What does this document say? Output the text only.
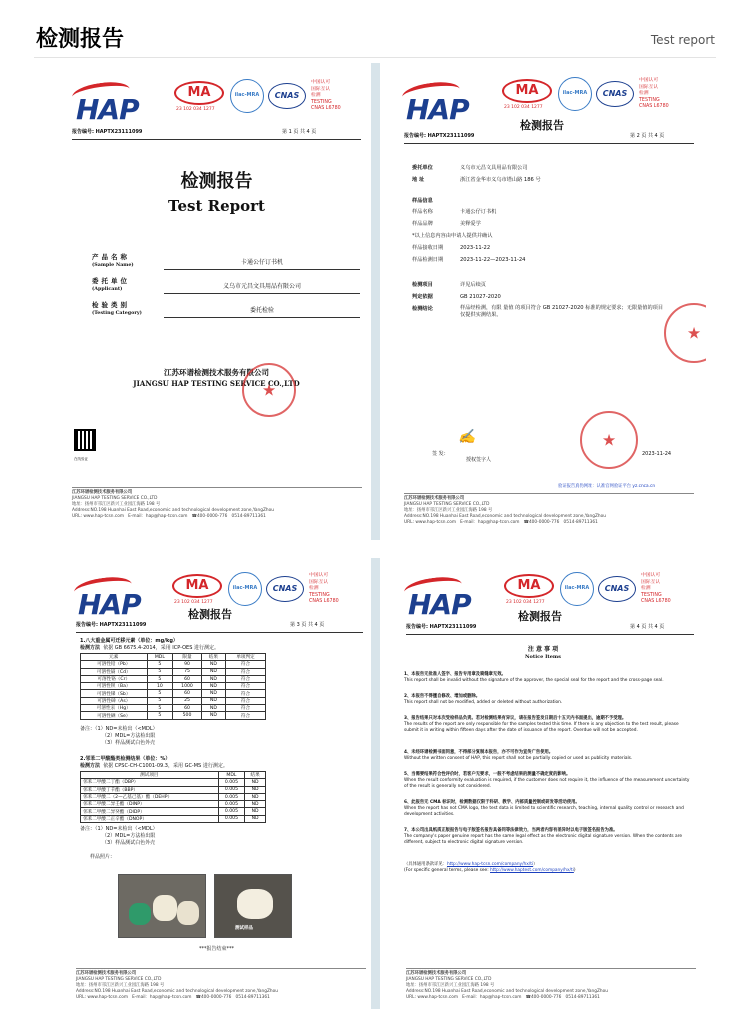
检测报告	Test report
HAP
MA
23 102 034 1277
ilac-MRA	CNAS
中国认可
国际互认
检测
TESTING
CNAS L6780
报告编号: HAPTX23111099	第 1 页 共 4 页
检测报告
Test Report
产品名称
(Sample Name)	卡通公仔订书机
委托单位
(Applicant)	义乌市元昌文具用品有限公司
检验类别
(Testing Category)	委托检验
江苏环谱检测技术服务有限公司
JIANGSU HAP TESTING SERVICE CO.,LTD
★
在线验证
江苏环谱检测技术服务有限公司
JIANGSU HAP TESTING SERVICE CO.,LTD
地址：扬州市邗江区新兴工业园江海路 198 号
Address:NO.198 Huanhai East Road,economic and technological development zone,YangZhou
URL: www.hap-tcsn.com E-mail：hap@hap-tcsn.com   ☎400-0000-776 0514-89711361
HAP	检测报告
MA
23 102 034 1277
ilac-MRA	CNAS
中国认可
国际互认
检测
TESTING
CNAS L6780
报告编号: HAPTX23111099	第 2 页 共 4 页
委托单位	义乌市元昌文具用品有限公司
地 址	浙江省金华市义乌市塔山路 186 号
样品信息
样品名称	卡通公仔订书机
样品品牌	美释爱学
*以上信息内容由申请人提供并确认
样品接收日期	2023-11-22
样品检测日期	2023-11-22—2023-11-24
检测项目	详见后续页
判定依据	GB 21027-2020
检测结论	样品经检测，有限 量值 的项目符合 GB 21027-2020 标准的规定要求；无限量值的项目仅提供实测结果。
★
签 发：
✍
授权签字人
2023-11-24
★
验证报告真伪网址：认准官网验证平台 yz.cnca.cn
江苏环谱检测技术服务有限公司
JIANGSU HAP TESTING SERVICE CO.,LTD
地址：扬州市邗江区新兴工业园江海路 198 号
Address:NO.198 Huanhai East Road,economic and technological development zone,YangZhou
URL: www.hap-tcsn.com E-mail：hap@hap-tcsn.com   ☎400-0000-776 0514-89711361
HAP	检测报告
MA
23 102 034 1277
ilac-MRA	CNAS
中国认可
国际互认
检测
TESTING
CNAS L6780
报告编号: HAPTX23111099	第 3 页 共 4 页
1.八大重金属可迁移元素（单位：mg/kg）
检测方法 依据 GB 6675.4-2014，采用 ICP-OES 进行测定。
元素	MDL	限量	结果	单项判定
可溶性铅（Pb）	5	90	ND	符合
可溶性镉（Cd）	5	75	ND	符合
可溶性铬（Cr）	5	60	ND	符合
可溶性钡（Ba）	10	1000	ND	符合
可溶性锑（Sb）	5	60	ND	符合
可溶性砷（As）	5	25	ND	符合
可溶性汞（Hg）	5	60	ND	符合
可溶性硒（Se）	5	500	ND	符合
备注：（1）ND=未检出（<MDL）
（2）MDL=方法检出限
（3）样品测试白色外壳
2.邻苯二甲酸酯类检测结果（单位：%）
检测方法 依据 CPSC-CH-C1001-09.3，采用 GC-MS 进行测定。
测试项目	MDL	结果
邻苯二甲酸二丁酯（DBP）	0.005	ND
邻苯二甲酸丁苄酯（BBP）	0.005	ND
邻苯二甲酸二（2—乙基己基）酯（DEHP）	0.005	ND
邻苯二甲酸二异壬酯（DINP）	0.005	ND
邻苯二甲酸二异癸酯（DIDP）	0.005	ND
邻苯二甲酸二正辛酯（DNOP）	0.005	ND
备注：（1）ND=未检出（<MDL）
（2）MDL=方法检出限
（3）样品测试白色外壳
样品照片：
测试样品
***报告结束***
江苏环谱检测技术服务有限公司
JIANGSU HAP TESTING SERVICE CO.,LTD
地址：扬州市邗江区新兴工业园江海路 198 号
Address:NO.198 Huanhai East Road,economic and technological development zone,YangZhou
URL: www.hap-tcsn.com E-mail：hap@hap-tcsn.com   ☎400-0000-776 0514-89711361
HAP	检测报告
MA
23 102 034 1277
ilac-MRA	CNAS
中国认可
国际互认
检测
TESTING
CNAS L6780
报告编号: HAPTX23111099	第 4 页 共 4 页
注 意 事 项
Notice Items
1、本报告无批准人签字、报告专用章及骑缝章无效。
This report shall be invalid without the signature of the approver, the special seal for the report and the cross-page seal.
2、本报告不得擅自修改、增加或删除。
This report shall not be modified, added or deleted without authorization.
3、报告结果只对本次受检样品负责。若对检测结果有异议，请在报告签发日期后十五天内书面提出，逾期不予受理。
The results of the report are only responsible for the samples tested this time. If there is any objection to the test result, please submit it in writing within fifteen days after the date of issuance of the report. Overdue will not be accepted.
4、未经环谱检测书面同意，不得部分复制本报告，亦不可作为宣传广告使用。
Without the written consent of HAP, this report shall not be partially copied or used as publicity materials.
5、当需要结果符合性评价时，若客户无要求，一般不考虑结果的测量不确定度的影响。
When the result conformity evaluation is required, if the customer does not require it, the influence of the measurement uncertainty of the result is generally not considered.
6、此报告无 CMA 标识时，检测数据仅限于科研、教学、内部质量控制或研发等活动使用。
When the report has not CMA logo, the test data is limited to scientific research, teaching, internal quality control or research and development activities.
7、本公司出具纸质正版报告与电子版签名报告具备同等法律效力，当两者内容有差异时以电子版签名报告为准。
The company's paper genuine report has the same legal effect as the electronic digital signature version. When the contents are different, subject to electronic digital signature version.
（具体通用条款详见：http://www.hap-tcsn.com/company/hx/ti）
(For specific general terms, please see: http://www.haptest.com/company/hx/ti)
江苏环谱检测技术服务有限公司
JIANGSU HAP TESTING SERVICE CO.,LTD
地址：扬州市邗江区新兴工业园江海路 198 号
Address:NO.198 Huanhai East Road,economic and technological development zone,YangZhou
URL: www.hap-tcsn.com E-mail：hap@hap-tcsn.com   ☎400-0000-776 0514-89711361
